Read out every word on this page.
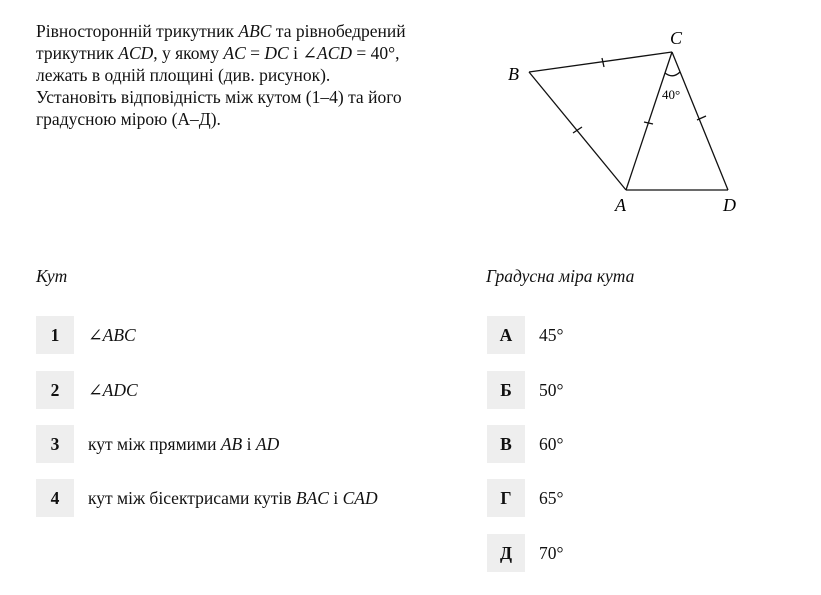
Рівносторонній трикутник ABC та рівнобедрений
трикутник ACD, у якому AC = DC і ∠ACD = 40°,
лежать в одній площині (див. рисунок).
Установіть відповідність між кутом (1–4) та його
градусною мірою (А–Д).
B
C
A	D
40°
Кут	Градусна міра кута
1	∠ABC
2	∠ADC
3	кут між прямими AB і AD
4	кут між бісектрисами кутів BAC і CAD
А	45°
Б	50°
В	60°
Г	65°
Д	70°
